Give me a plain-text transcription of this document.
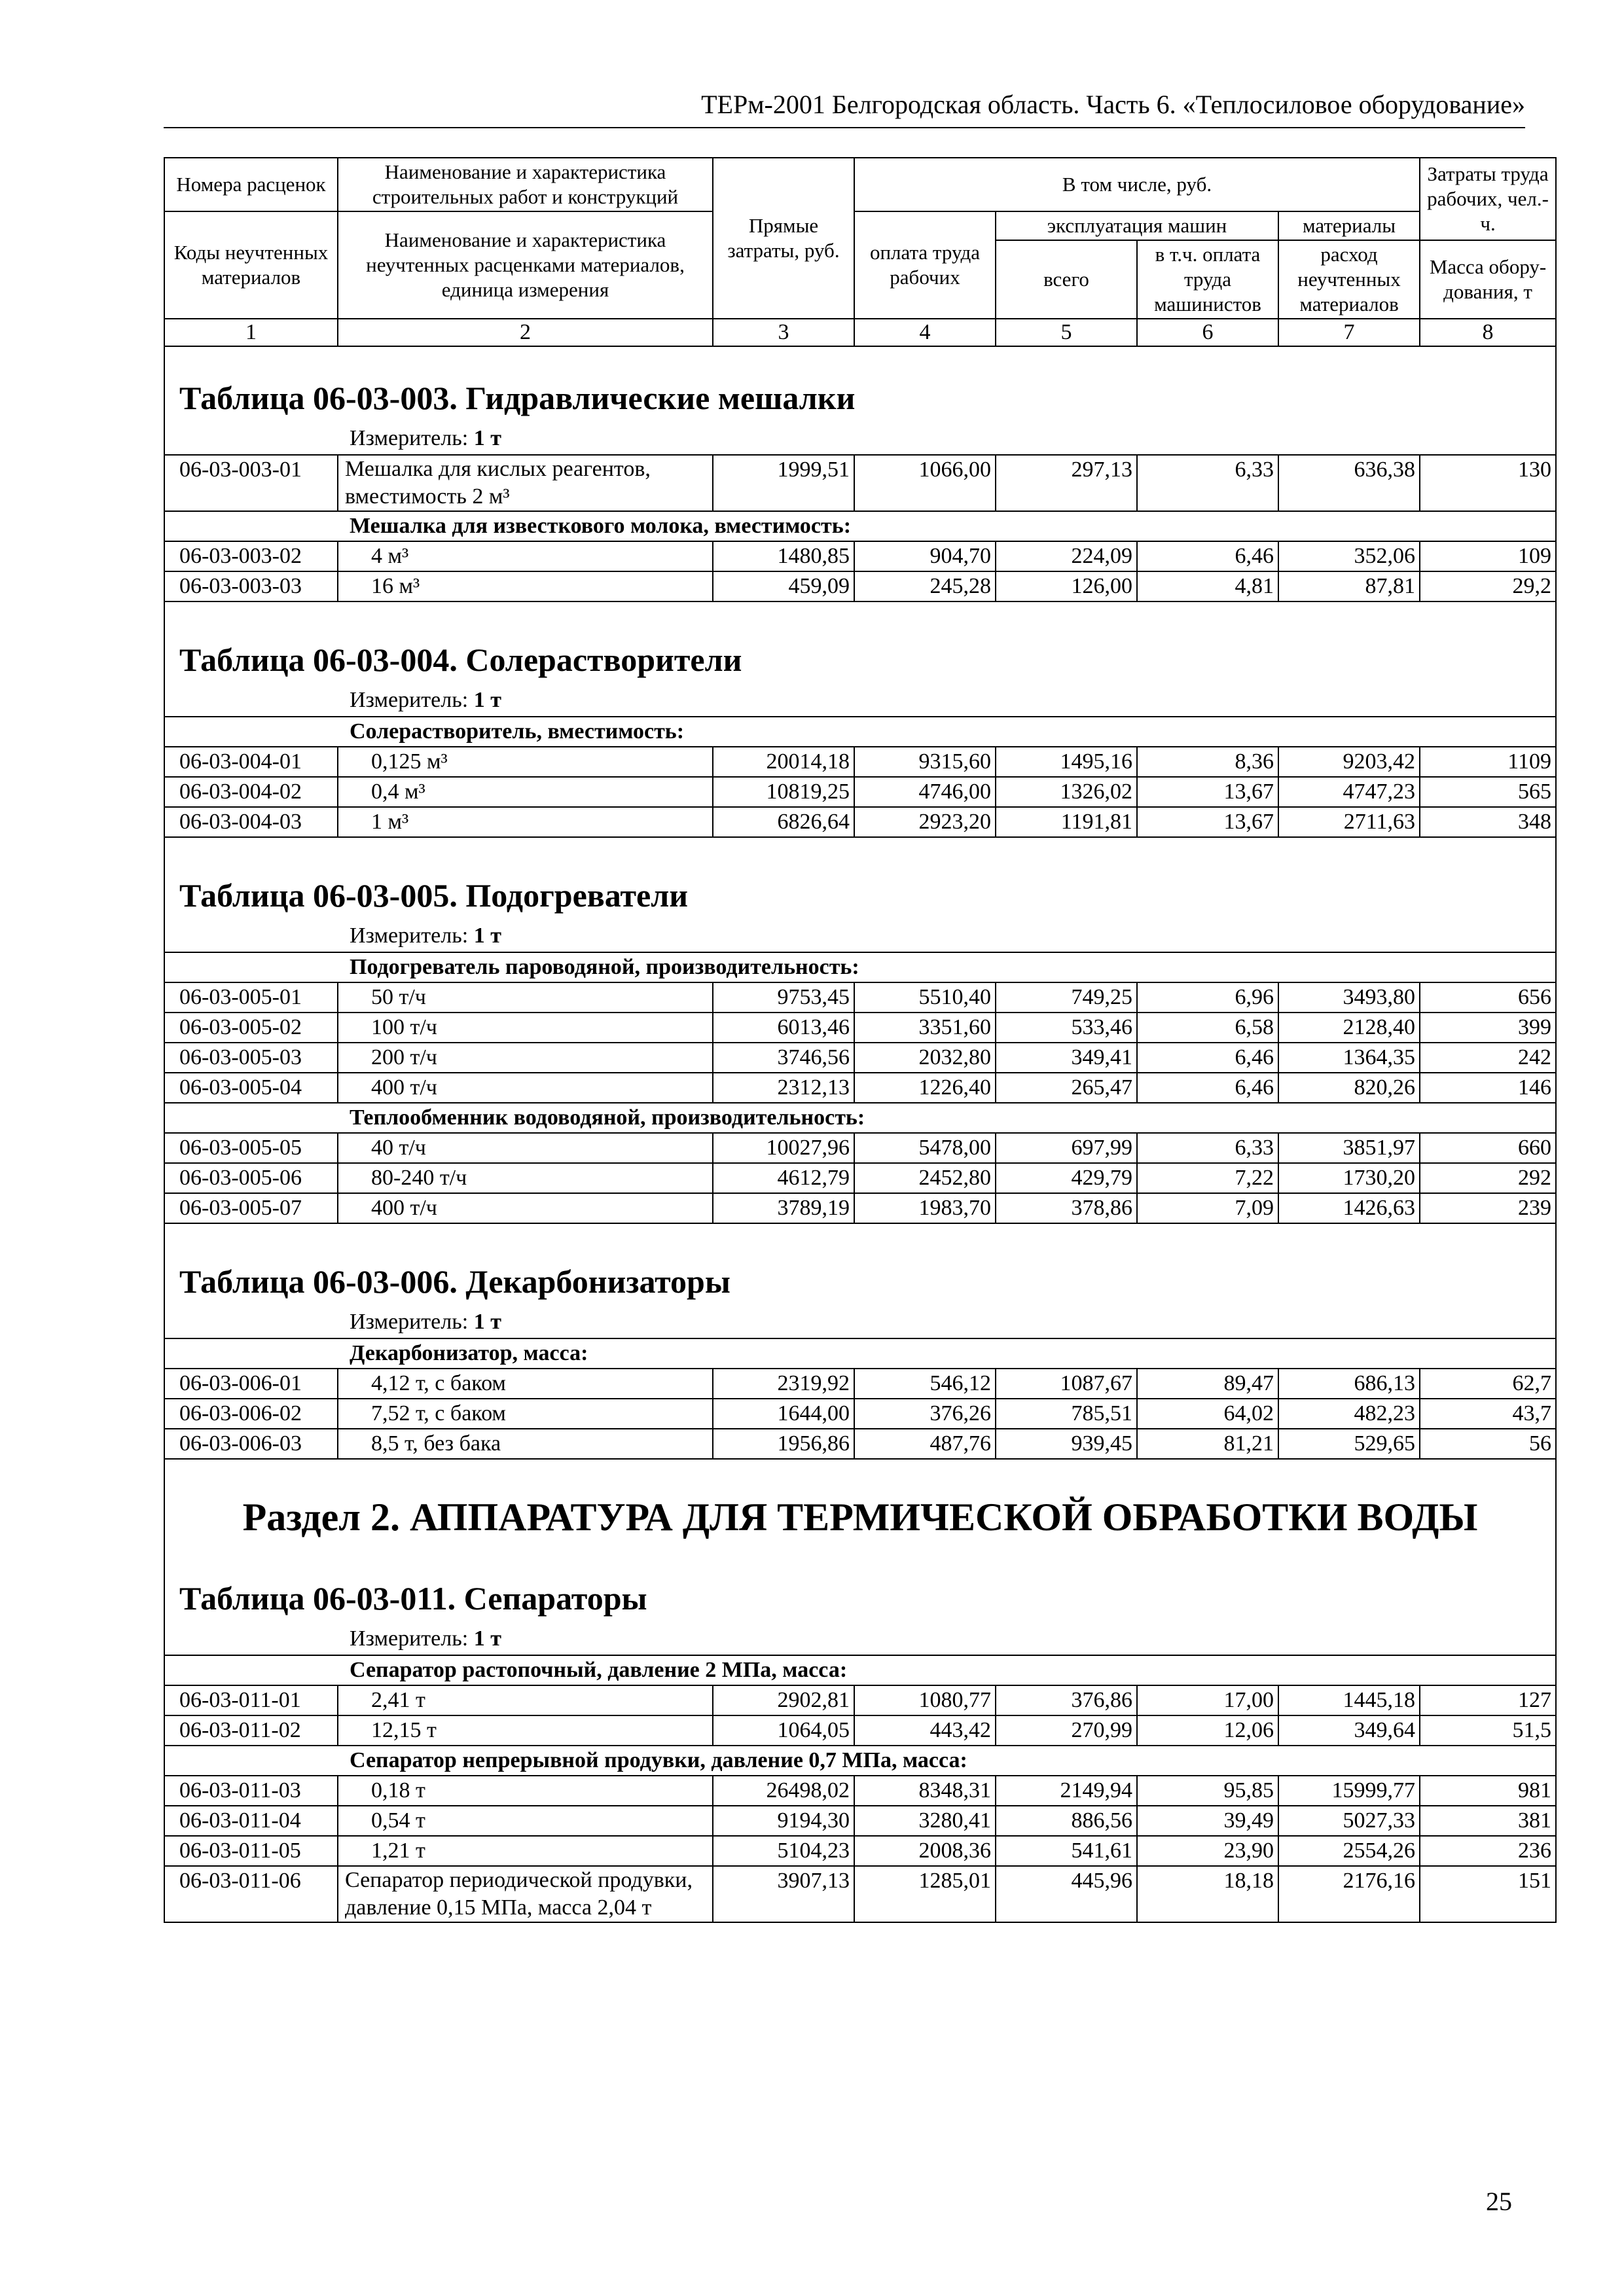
ТЕРм-2001 Белгородская область. Часть 6. «Теплосиловое оборудование»
Номера расценок	Наименование и характеристика строительных работ и конструкций	Прямые затраты, руб.	В том числе, руб.				Затраты труда рабочих, чел.-ч.
Коды неучтенных материалов	Наименование и характеристика неучтенных расценками материалов, единица измерения		оплата труда рабочих	эксплуатация машин		материалы	
				всего	в т.ч. оплата труда машинистов	расход неучтенных материалов	Масса обору-дования, т
1	2	3	4	5	6	7	8
Таблица 06-03-003. Гидравлические мешалки							
Измеритель: 1 т							
06-03-003-01	Мешалка для кислых реагентов, вместимость 2 м³	1999,51	1066,00	297,13	6,33	636,38	130
Мешалка для известкового молока, вместимость:							
06-03-003-02	4 м³	1480,85	904,70	224,09	6,46	352,06	109
06-03-003-03	16 м³	459,09	245,28	126,00	4,81	87,81	29,2
Таблица 06-03-004. Солерастворители							
Измеритель: 1 т							
Солерастворитель, вместимость:							
06-03-004-01	0,125 м³	20014,18	9315,60	1495,16	8,36	9203,42	1109
06-03-004-02	0,4 м³	10819,25	4746,00	1326,02	13,67	4747,23	565
06-03-004-03	1 м³	6826,64	2923,20	1191,81	13,67	2711,63	348
Таблица 06-03-005. Подогреватели							
Измеритель: 1 т							
Подогреватель пароводяной, производительность:							
06-03-005-01	50 т/ч	9753,45	5510,40	749,25	6,96	3493,80	656
06-03-005-02	100 т/ч	6013,46	3351,60	533,46	6,58	2128,40	399
06-03-005-03	200 т/ч	3746,56	2032,80	349,41	6,46	1364,35	242
06-03-005-04	400 т/ч	2312,13	1226,40	265,47	6,46	820,26	146
Теплообменник водоводяной, производительность:							
06-03-005-05	40 т/ч	10027,96	5478,00	697,99	6,33	3851,97	660
06-03-005-06	80-240 т/ч	4612,79	2452,80	429,79	7,22	1730,20	292
06-03-005-07	400 т/ч	3789,19	1983,70	378,86	7,09	1426,63	239
Таблица 06-03-006. Декарбонизаторы							
Измеритель: 1 т							
Декарбонизатор, масса:							
06-03-006-01	4,12 т, с баком	2319,92	546,12	1087,67	89,47	686,13	62,7
06-03-006-02	7,52 т, с баком	1644,00	376,26	785,51	64,02	482,23	43,7
06-03-006-03	8,5 т, без бака	1956,86	487,76	939,45	81,21	529,65	56
Раздел 2. АППАРАТУРА ДЛЯ ТЕРМИЧЕСКОЙ ОБРАБОТКИ ВОДЫ							
Таблица 06-03-011. Сепараторы							
Измеритель: 1 т							
Сепаратор растопочный, давление 2 МПа, масса:							
06-03-011-01	2,41 т	2902,81	1080,77	376,86	17,00	1445,18	127
06-03-011-02	12,15 т	1064,05	443,42	270,99	12,06	349,64	51,5
Сепаратор непрерывной продувки, давление 0,7 МПа, масса:							
06-03-011-03	0,18 т	26498,02	8348,31	2149,94	95,85	15999,77	981
06-03-011-04	0,54 т	9194,30	3280,41	886,56	39,49	5027,33	381
06-03-011-05	1,21 т	5104,23	2008,36	541,61	23,90	2554,26	236
06-03-011-06	Сепаратор периодической продувки, давление 0,15 МПа, масса 2,04 т	3907,13	1285,01	445,96	18,18	2176,16	151
25
